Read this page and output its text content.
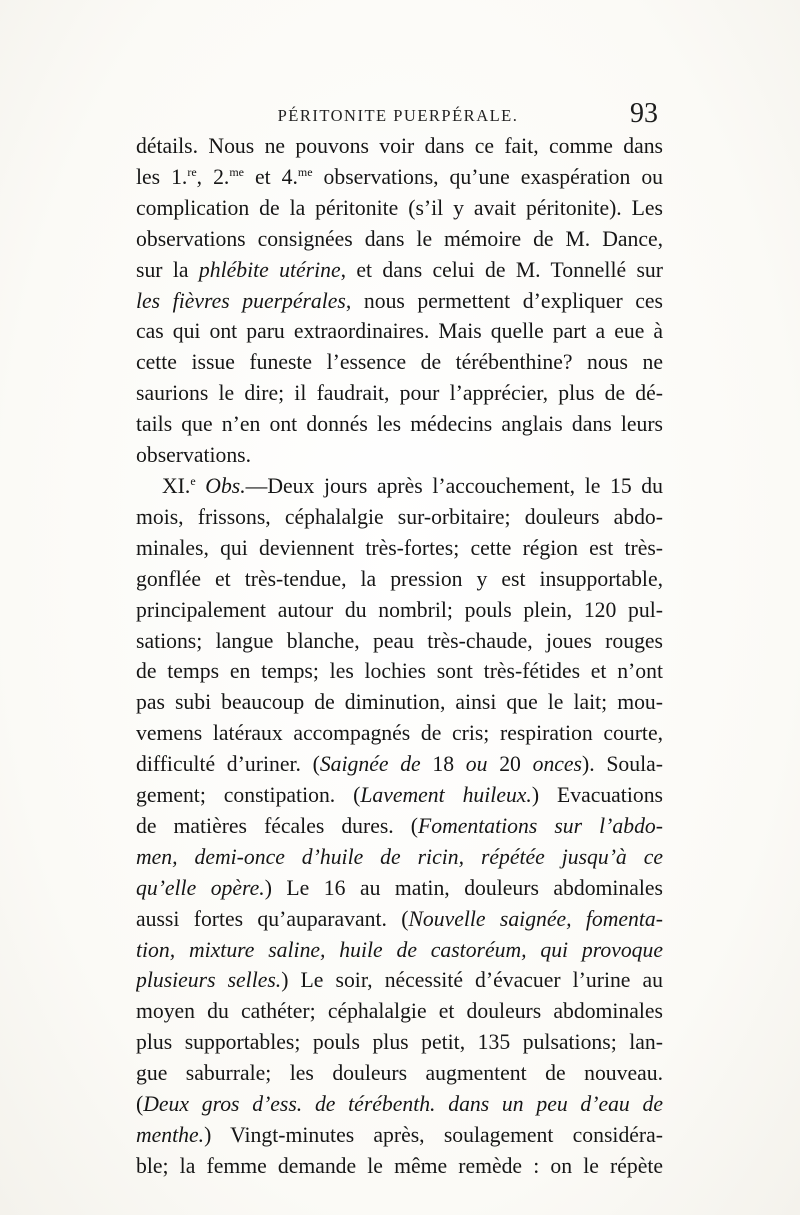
PÉRITONITE PUERPÉRALE.	93
détails. Nous ne pouvons voir dans ce fait, comme dans
les 1.$^{re}$, 2.$^{me}$ et 4.$^{me}$ observations, qu’une exaspération ou
complication de la péritonite (s’il y avait péritonite). Les
observations consignées dans le mémoire de M. Dance,
sur la phlébite utérine, et dans celui de M. Tonnellé sur
les fièvres puerpérales, nous permettent d’expliquer ces
cas qui ont paru extraordinaires. Mais quelle part a eue à
cette issue funeste l’essence de térébenthine? nous ne
saurions le dire; il faudrait, pour l’apprécier, plus de dé-
tails que n’en ont donnés les médecins anglais dans leurs
observations.
XI.$^e$ Obs.—Deux jours après l’accouchement, le 15 du
mois, frissons, céphalalgie sur-orbitaire; douleurs abdo-
minales, qui deviennent très-fortes; cette région est très-
gonflée et très-tendue, la pression y est insupportable,
principalement autour du nombril; pouls plein, 120 pul-
sations; langue blanche, peau très-chaude, joues rouges
de temps en temps; les lochies sont très-fétides et n’ont
pas subi beaucoup de diminution, ainsi que le lait; mou-
vemens latéraux accompagnés de cris; respiration courte,
difficulté d’uriner. (Saignée de 18 ou 20 onces). Soula-
gement; constipation. (Lavement huileux.) Evacuations
de matières fécales dures. (Fomentations sur l’abdo-
men, demi-once d’huile de ricin, répétée jusqu’à ce
qu’elle opère.) Le 16 au matin, douleurs abdominales
aussi fortes qu’auparavant. (Nouvelle saignée, fomenta-
tion, mixture saline, huile de castoréum, qui provoque
plusieurs selles.) Le soir, nécessité d’évacuer l’urine au
moyen du cathéter; céphalalgie et douleurs abdominales
plus supportables; pouls plus petit, 135 pulsations; lan-
gue saburrale; les douleurs augmentent de nouveau.
(Deux gros d’ess. de térébenth. dans un peu d’eau de
menthe.) Vingt-minutes après, soulagement considéra-
ble; la femme demande le même remède : on le répète
